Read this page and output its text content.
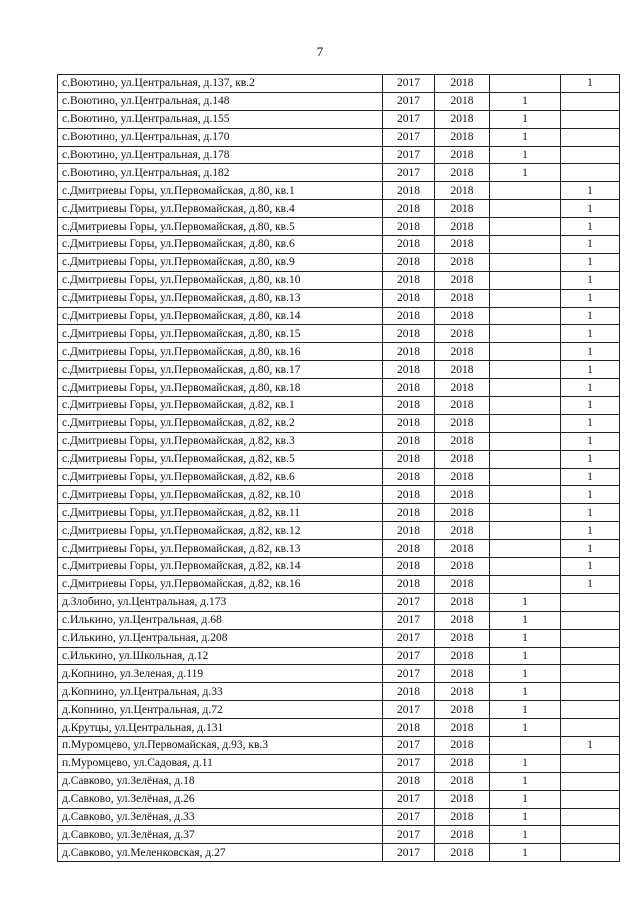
7
с.Воютино, ул.Центральная, д.137, кв.2	2017	2018		1
с.Воютино, ул.Центральная, д.148	2017	2018	1	
с.Воютино, ул.Центральная, д.155	2017	2018	1	
с.Воютино, ул.Центральная, д.170	2017	2018	1	
с.Воютино, ул.Центральная, д.178	2017	2018	1	
с.Воютино, ул.Центральная, д.182	2017	2018	1	
с.Дмитриевы Горы, ул.Первомайская, д.80, кв.1	2018	2018		1
с.Дмитриевы Горы, ул.Первомайская, д.80, кв.4	2018	2018		1
с.Дмитриевы Горы, ул.Первомайская, д.80, кв.5	2018	2018		1
с.Дмитриевы Горы, ул.Первомайская, д.80, кв.6	2018	2018		1
с.Дмитриевы Горы, ул.Первомайская, д.80, кв.9	2018	2018		1
с.Дмитриевы Горы, ул.Первомайская, д.80, кв.10	2018	2018		1
с.Дмитриевы Горы, ул.Первомайская, д.80, кв.13	2018	2018		1
с.Дмитриевы Горы, ул.Первомайская, д.80, кв.14	2018	2018		1
с.Дмитриевы Горы, ул.Первомайская, д.80, кв.15	2018	2018		1
с.Дмитриевы Горы, ул.Первомайская, д.80, кв.16	2018	2018		1
с.Дмитриевы Горы, ул.Первомайская, д.80, кв.17	2018	2018		1
с.Дмитриевы Горы, ул.Первомайская, д.80, кв.18	2018	2018		1
с.Дмитриевы Горы, ул.Первомайская, д.82, кв.1	2018	2018		1
с.Дмитриевы Горы, ул.Первомайская, д.82, кв.2	2018	2018		1
с.Дмитриевы Горы, ул.Первомайская, д.82, кв.3	2018	2018		1
с.Дмитриевы Горы, ул.Первомайская, д.82, кв.5	2018	2018		1
с.Дмитриевы Горы, ул.Первомайская, д.82, кв.6	2018	2018		1
с.Дмитриевы Горы, ул.Первомайская, д.82, кв.10	2018	2018		1
с.Дмитриевы Горы, ул.Первомайская, д.82, кв.11	2018	2018		1
с.Дмитриевы Горы, ул.Первомайская, д.82, кв.12	2018	2018		1
с.Дмитриевы Горы, ул.Первомайская, д.82, кв.13	2018	2018		1
с.Дмитриевы Горы, ул.Первомайская, д.82, кв.14	2018	2018		1
с.Дмитриевы Горы, ул.Первомайская, д.82, кв.16	2018	2018		1
д.Злобино, ул.Центральная, д.173	2017	2018	1	
с.Илькино, ул.Центральная, д.68	2017	2018	1	
с.Илькино, ул.Центральная, д.208	2017	2018	1	
с.Илькино, ул.Школьная, д.12	2017	2018	1	
д.Копнино, ул.Зеленая, д.119	2017	2018	1	
д.Копнино, ул.Центральная, д.33	2018	2018	1	
д.Копнино, ул.Центральная, д.72	2017	2018	1	
д.Крутцы, ул.Центральная, д.131	2018	2018	1	
п.Муромцево, ул.Первомайская, д.93, кв.3	2017	2018		1
п.Муромцево, ул.Садовая, д.11	2017	2018	1	
д.Савково, ул.Зелёная, д.18	2018	2018	1	
д.Савково, ул.Зелёная, д.26	2017	2018	1	
д.Савково, ул.Зелёная, д.33	2017	2018	1	
д.Савково, ул.Зелёная, д.37	2017	2018	1	
д.Савково, ул.Меленковская, д.27	2017	2018	1	
